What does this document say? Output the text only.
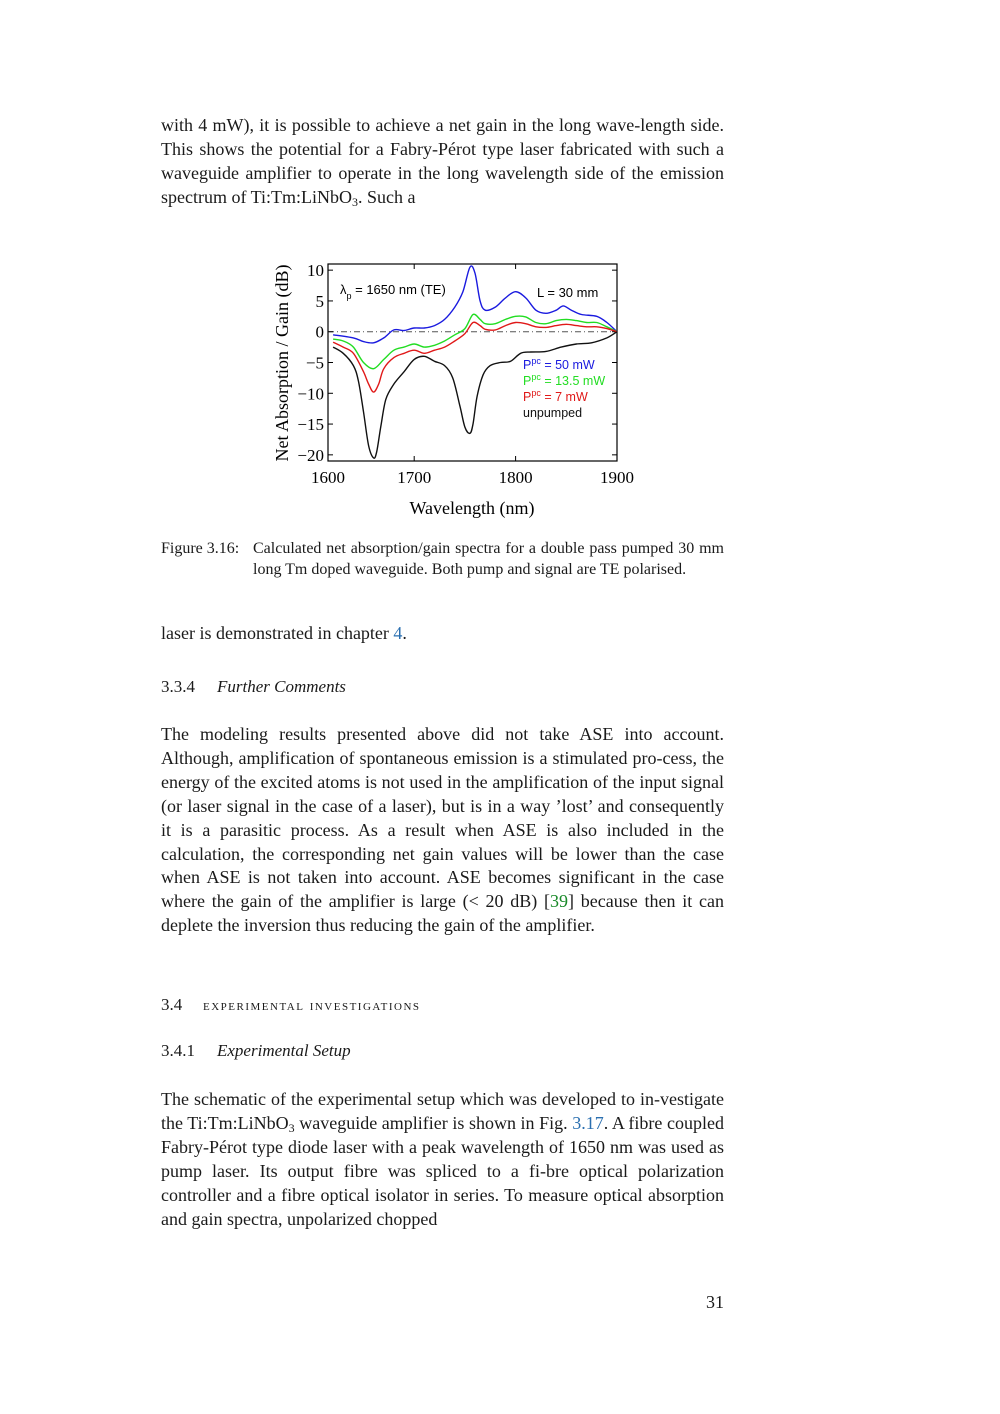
with 4 mW), it is possible to achieve a net gain in the long wave-length side. This shows the potential for a Fabry-Pérot type laser fabricated with such a waveguide amplifier to operate in the long wavelength side of the emission spectrum of Ti:Tm:LiNbO$_3$. Such a

10
5
0
−5
−10
−15
−20
1600	1700	1800	1900
$\lambda_p = 1650$ nm (TE)	L = 30 mm
$P^{pc} = 50$ mW
$P^{pc} = 13.5$ mW
$P^{pc} = 7$ mW
unpumped
Net Absorption / Gain (dB)
Wavelength (nm)
Figure 3.16: Calculated net absorption/gain spectra for a double pass pumped 30 mm long Tm doped waveguide. Both pump and signal are TE polarised.

laser is demonstrated in chapter 4.

3.3.4 Further Comments

The modeling results presented above did not take ASE into account. Although, amplification of spontaneous emission is a stimulated pro-cess, the energy of the excited atoms is not used in the amplification of the input signal (or laser signal in the case of a laser), but is in a way ’lost’ and consequently it is a parasitic process. As a result when ASE is also included in the calculation, the corresponding net gain values will be lower than the case when ASE is not taken into account. ASE becomes significant in the case where the gain of the amplifier is large (< 20 dB) [39] because then it can deplete the inversion thus reducing the gain of the amplifier.

3.4 experimental investigations

3.4.1 Experimental Setup

The schematic of the experimental setup which was developed to in-vestigate the Ti:Tm:LiNbO$_3$ waveguide amplifier is shown in Fig. 3.17. A fibre coupled Fabry-Pérot type diode laser with a peak wavelength of 1650 nm was used as pump laser. Its output fibre was spliced to a fi-bre optical polarization controller and a fibre optical isolator in series. To measure optical absorption and gain spectra, unpolarized chopped

31
